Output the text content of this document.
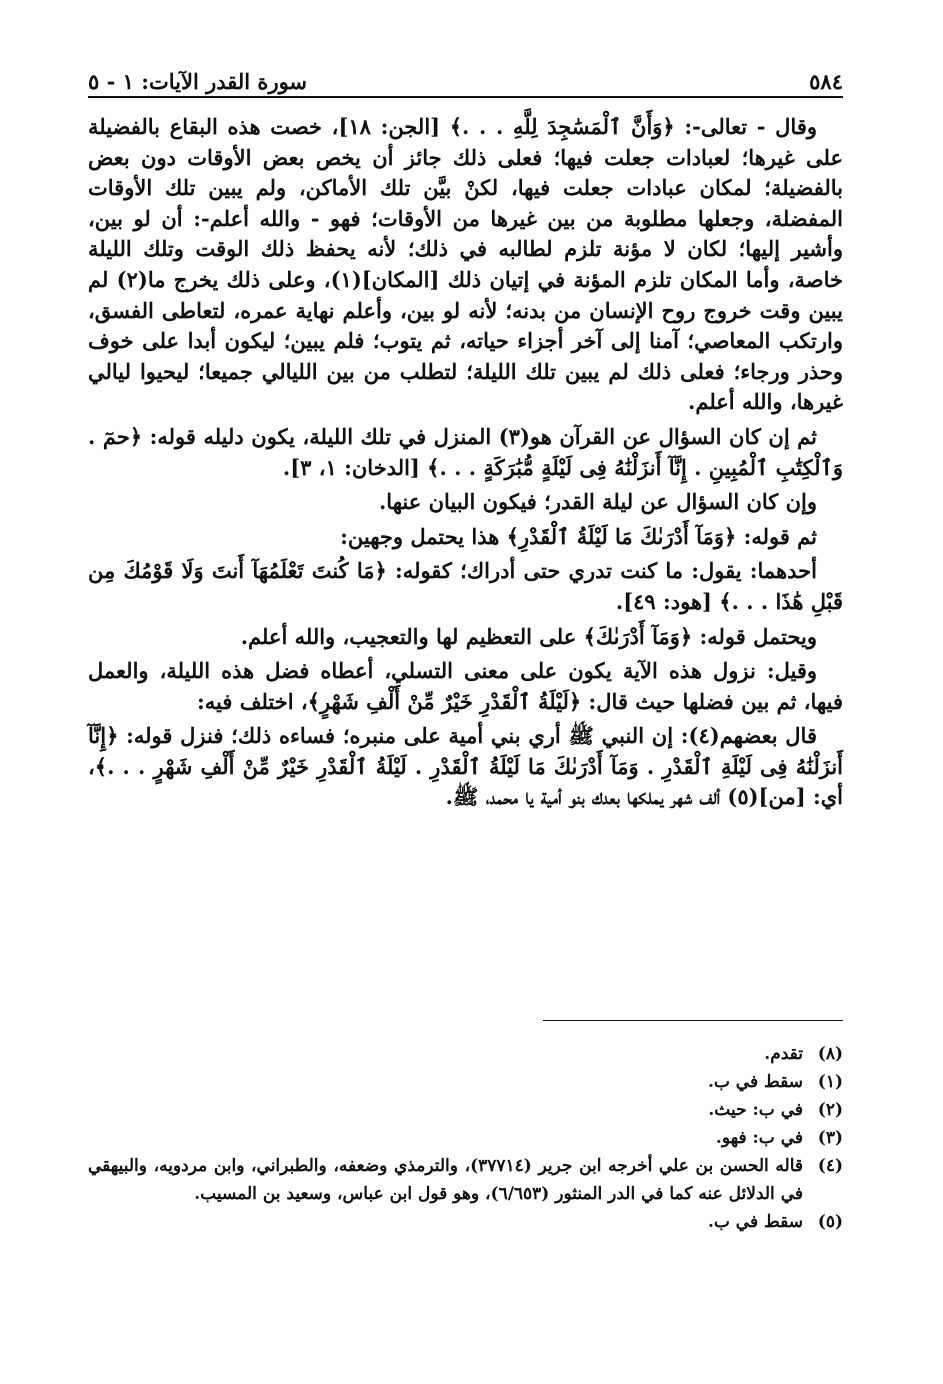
٥٨٤
سورة القدر الآيات: ١ - ٥

وقال - تعالى-: ﴿وَأَنَّ ٱلْمَسَٰجِدَ لِلَّهِ . . .﴾ [الجن: ١٨]، خصت هذه البقاع بالفضيلة على غيرها؛ لعبادات جعلت فيها؛ فعلى ذلك جائز أن يخص بعض الأوقات دون بعض بالفضيلة؛ لمكان عبادات جعلت فيها، لكنْ بيَّن تلك الأماكن، ولم يبين تلك الأوقات المفضلة، وجعلها مطلوبة من بين غيرها من الأوقات؛ فهو - والله أعلم-: أن لو بين، وأشير إليها؛ لكان لا مؤنة تلزم لطالبه في ذلك؛ لأنه يحفظ ذلك الوقت وتلك الليلة خاصة، وأما المكان تلزم المؤنة في إتيان ذلك [المكان](١)، وعلى ذلك يخرج ما(٢) لم يبين وقت خروج روح الإنسان من بدنه؛ لأنه لو بين، وأعلم نهاية عمره، لتعاطى الفسق، وارتكب المعاصي؛ آمنا إلى آخر أجزاء حياته، ثم يتوب؛ فلم يبين؛ ليكون أبدا على خوف وحذر ورجاء؛ فعلى ذلك لم يبين تلك الليلة؛ لتطلب من بين الليالي جميعا؛ ليحيوا ليالي غيرها، والله أعلم.

ثم إن كان السؤال عن القرآن هو(٣) المنزل في تلك الليلة، يكون دليله قوله: ﴿حمٓ . وَٱلْكِتَٰبِ ٱلْمُبِينِ . إِنَّآ أَنزَلْنَٰهُ فِى لَيْلَةٍ مُّبَٰرَكَةٍ . . .﴾ [الدخان: ١، ٣].

وإن كان السؤال عن ليلة القدر؛ فيكون البيان عنها.

ثم قوله: ﴿وَمَآ أَدْرَىٰكَ مَا لَيْلَةُ ٱلْقَدْرِ﴾ هذا يحتمل وجهين:

أحدهما: يقول: ما كنت تدري حتى أدراك؛ كقوله: ﴿مَا كُنتَ تَعْلَمُهَآ أَنتَ وَلَا قَوْمُكَ مِن قَبْلِ هَٰذَا . . .﴾ [هود: ٤٩].

ويحتمل قوله: ﴿وَمَآ أَدْرَىٰكَ﴾ على التعظيم لها والتعجيب، والله أعلم.

وقيل: نزول هذه الآية يكون على معنى التسلي، أعطاه فضل هذه الليلة، والعمل فيها، ثم بين فضلها حيث قال: ﴿لَيْلَةُ ٱلْقَدْرِ خَيْرٌ مِّنْ أَلْفِ شَهْرٍ﴾، اختلف فيه:

قال بعضهم(٤): إن النبي ﷺ أري بني أمية على منبره؛ فساءه ذلك؛ فنزل قوله: ﴿إِنَّآ أَنزَلْنَٰهُ فِى لَيْلَةِ ٱلْقَدْرِ . وَمَآ أَدْرَىٰكَ مَا لَيْلَةُ ٱلْقَدْرِ . لَيْلَةُ ٱلْقَدْرِ خَيْرٌ مِّنْ أَلْفِ شَهْرٍ . . .﴾، أي: [من](٥) ألف شهر يملكها بعدك بنو أمية يا محمد، ﷺ.

(٨)
تقدم.
(١)
سقط في ب.
(٢)
في ب: حيث.
(٣)
في ب: فهو.
(٤)
قاله الحسن بن علي أخرجه ابن جرير (٣٧٧١٤)، والترمذي وضعفه، والطبراني، وابن مردويه، والبيهقي في الدلائل عنه كما في الدر المنثور (٦/٦٥٣)، وهو قول ابن عباس، وسعيد بن المسيب.
(٥)
سقط في ب.
